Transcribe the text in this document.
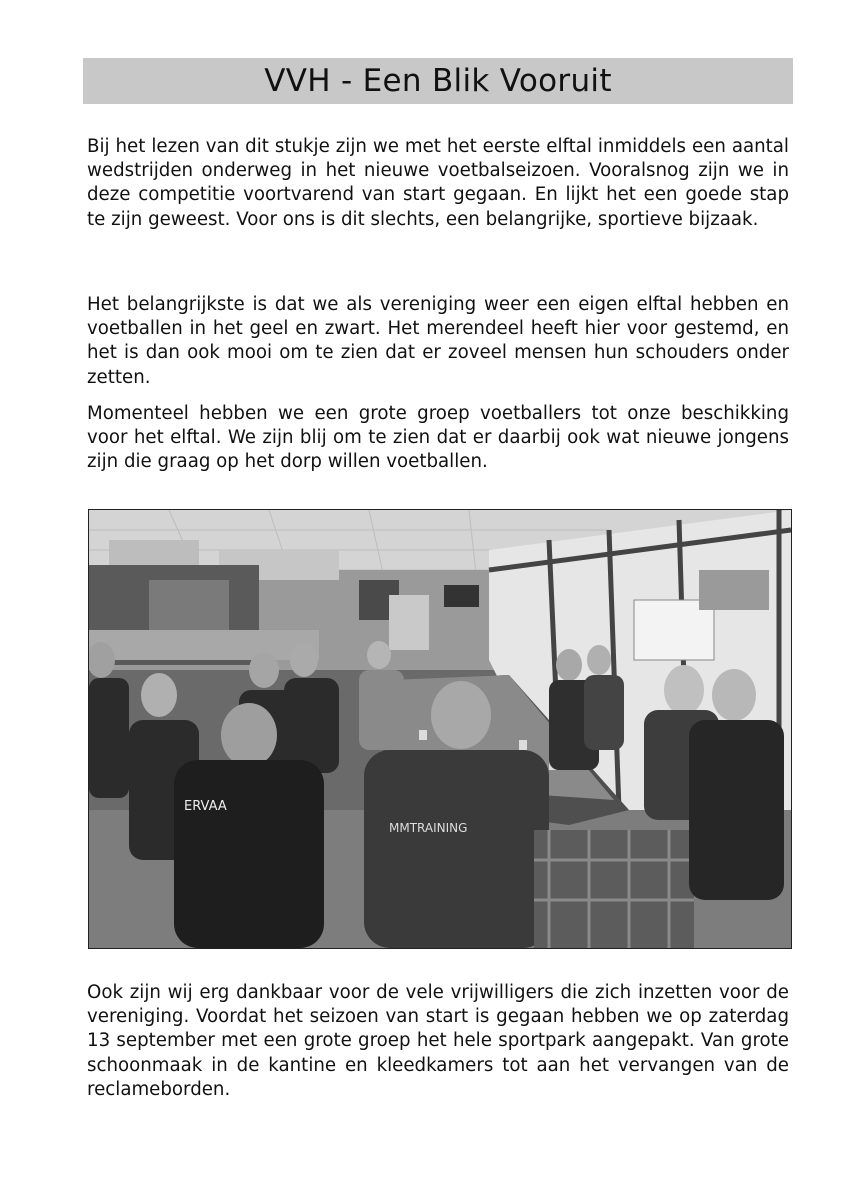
VVH - Een Blik Vooruit

Bij het lezen van dit stukje zijn we met het eerste elftal inmiddels een aantal wedstrijden onderweg in het nieuwe voetbalseizoen. Vooralsnog zijn we in deze competitie voortvarend van start gegaan. En lijkt het een goede stap te zijn geweest. Voor ons is dit slechts, een belangrijke, sportieve bijzaak.

Het belangrijkste is dat we als vereniging weer een eigen elftal hebben en voetballen in het geel en zwart. Het merendeel heeft hier voor gestemd, en het is dan ook mooi om te zien dat er zoveel mensen hun schouders onder zetten.

Momenteel hebben we een grote groep voetballers tot onze beschikking voor het elftal. We zijn blij om te zien dat er daarbij ook wat nieuwe jongens zijn die graag op het dorp willen voetballen.

ERVAA
MMTRAINING

Ook zijn wij erg dankbaar voor de vele vrijwilligers die zich inzetten voor de vereniging. Voordat het seizoen van start is gegaan hebben we op zaterdag 13 september met een grote groep het hele sportpark aangepakt. Van grote schoonmaak in de kantine en kleedkamers tot aan het vervangen van de reclameborden.
